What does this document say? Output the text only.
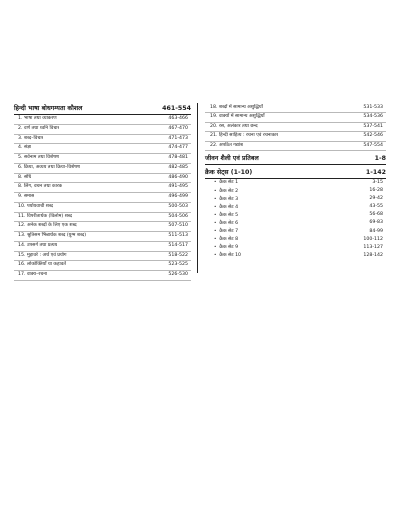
हिन्दी भाषा बोधगम्यता कौशल	461-554
1. भाषा तथा व्याकरण	463-466
2. वर्ण तथा ध्वनि विचार	467-470
3. शब्द–विचार	471-473
4. संज्ञा	474-477
5. सर्वनाम तथा विशेषण	478-481
6. क्रिया, अव्यय तथा क्रिया–विशेषण	482-485
8. संधि	486-490
8. लिंग, वचन तथा कारक	491-495
9. समास	496-499
10. पर्यायवाची शब्द	500-503
11. विपरीतार्थक (विलोम) शब्द	504-506
12. अनेक शब्दों के लिए एक शब्द	507-510
13. श्रुतिसम भिन्नार्थक शब्द (युग्म शब्द)	511-513
14. उपसर्ग तथा प्रत्यय	514-517
15. मुहावरे : अर्थ एवं प्रयोग	518-522
16. लोकोक्तियाँ या कहावतें	523-525
17. वाक्य–रचना	526-530
18. शब्दों में सामान्य अशुद्धियाँ	531-533
19. वाक्यों में सामान्य अशुद्धियाँ	534-536
20. रस, अलंकार तथा छन्द	537-541
21. हिन्दी साहित्य : रचना एवं रचनाकार	542-546
22. अपठित गद्यांश	547-554
जीवन शैली एवं प्रतिबल	1-8
क्रैक सेट्स (1-10)	1-142
• क्रैक सेट 1	3-15
• क्रैक सेट 2	16-28
• क्रैक सेट 3	29-42
• क्रैक सेट 4	43-55
• क्रैक सेट 5	56-68
• क्रैक सेट 6	69-83
• क्रैक सेट 7	84-99
• क्रैक सेट 8	100-112
• क्रैक सेट 9	113-127
• क्रैक सेट 10	128-142
